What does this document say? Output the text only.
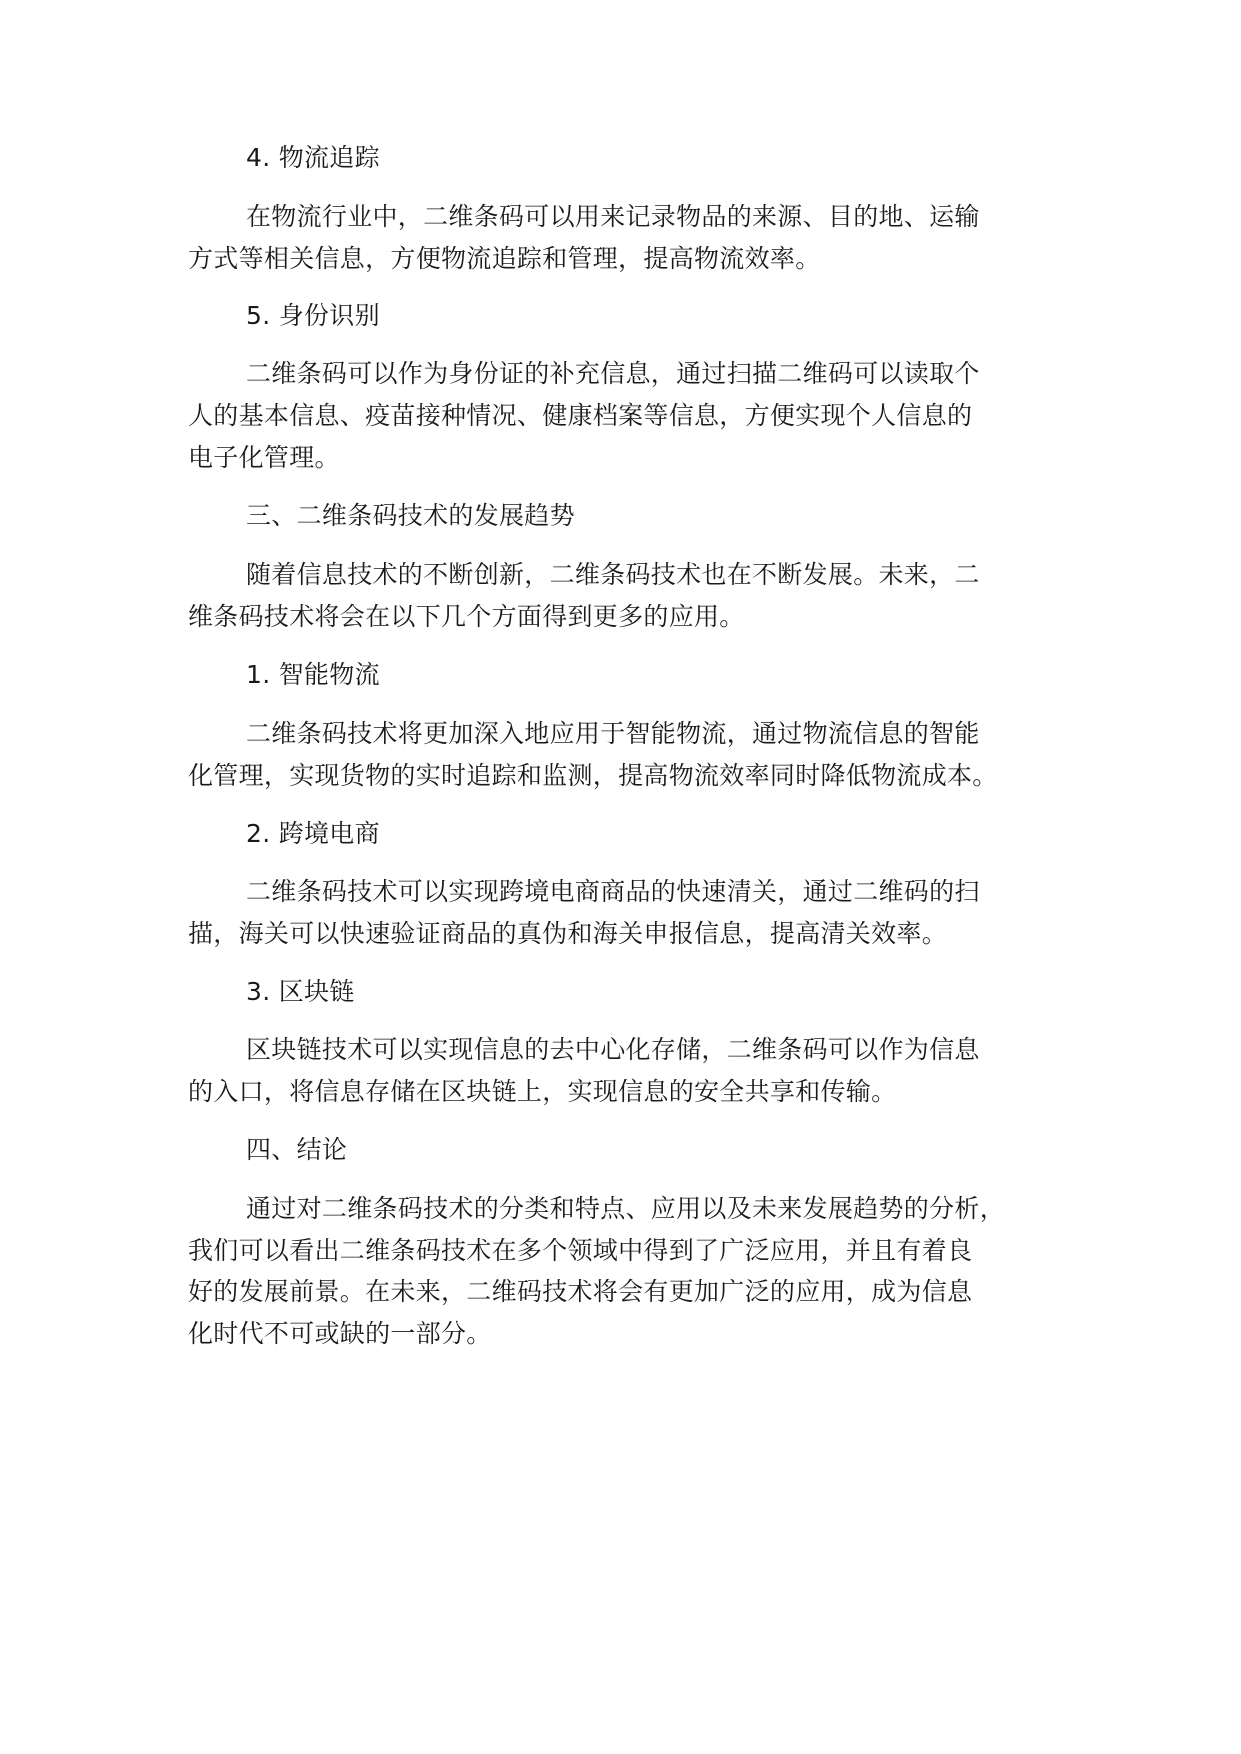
4. 物流追踪

在物流行业中，二维条码可以用来记录物品的来源、目的地、运输

方式等相关信息，方便物流追踪和管理，提高物流效率。

5. 身份识别

二维条码可以作为身份证的补充信息，通过扫描二维码可以读取个

人的基本信息、疫苗接种情况、健康档案等信息，方便实现个人信息的

电子化管理。

三、二维条码技术的发展趋势

随着信息技术的不断创新，二维条码技术也在不断发展。未来，二

维条码技术将会在以下几个方面得到更多的应用。

1. 智能物流

二维条码技术将更加深入地应用于智能物流，通过物流信息的智能

化管理，实现货物的实时追踪和监测，提高物流效率同时降低物流成本。

2. 跨境电商

二维条码技术可以实现跨境电商商品的快速清关，通过二维码的扫

描，海关可以快速验证商品的真伪和海关申报信息，提高清关效率。

3. 区块链

区块链技术可以实现信息的去中心化存储，二维条码可以作为信息

的入口，将信息存储在区块链上，实现信息的安全共享和传输。

四、结论

通过对二维条码技术的分类和特点、应用以及未来发展趋势的分析，

我们可以看出二维条码技术在多个领域中得到了广泛应用，并且有着良

好的发展前景。在未来，二维码技术将会有更加广泛的应用，成为信息

化时代不可或缺的一部分。
